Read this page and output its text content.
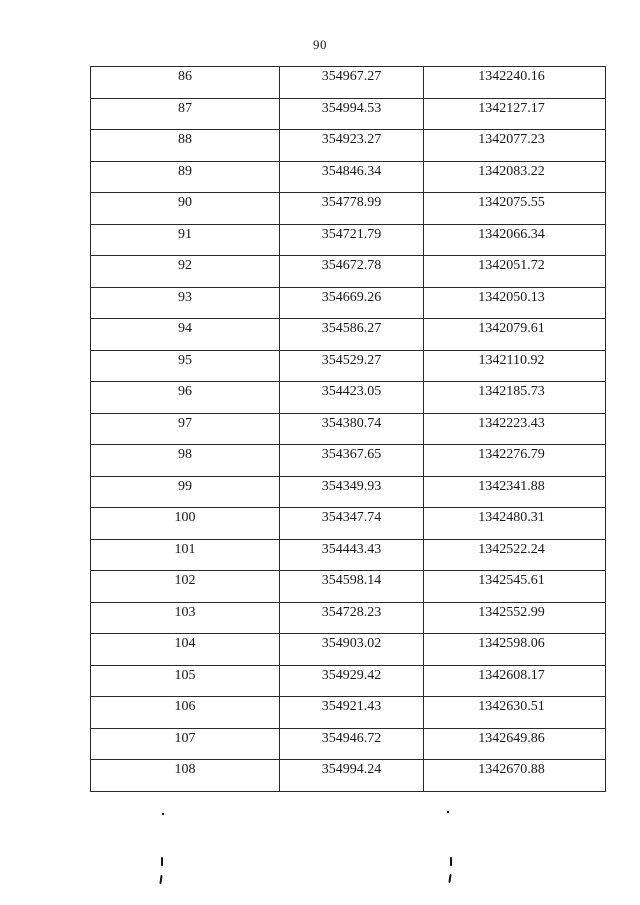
90
86	354967.27	1342240.16
87	354994.53	1342127.17
88	354923.27	1342077.23
89	354846.34	1342083.22
90	354778.99	1342075.55
91	354721.79	1342066.34
92	354672.78	1342051.72
93	354669.26	1342050.13
94	354586.27	1342079.61
95	354529.27	1342110.92
96	354423.05	1342185.73
97	354380.74	1342223.43
98	354367.65	1342276.79
99	354349.93	1342341.88
100	354347.74	1342480.31
101	354443.43	1342522.24
102	354598.14	1342545.61
103	354728.23	1342552.99
104	354903.02	1342598.06
105	354929.42	1342608.17
106	354921.43	1342630.51
107	354946.72	1342649.86
108	354994.24	1342670.88
